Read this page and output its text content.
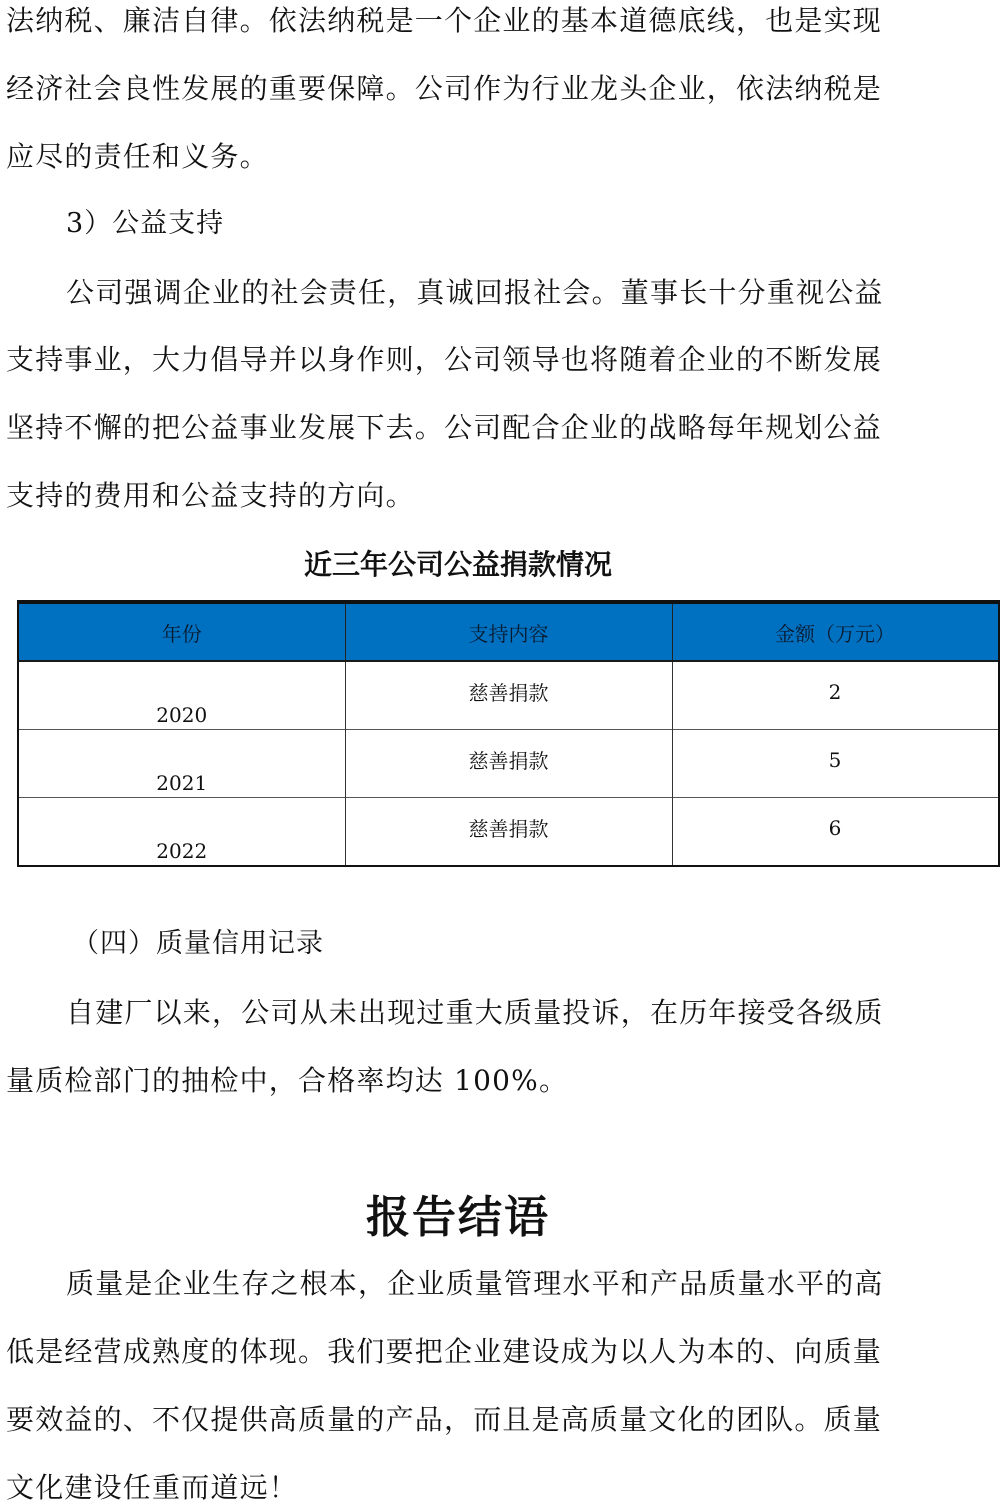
法纳税、廉洁自律。依法纳税是一个企业的基本道德底线，也是实现
经济社会良性发展的重要保障。公司作为行业龙头企业，依法纳税是
应尽的责任和义务。
3）公益支持
公司强调企业的社会责任，真诚回报社会。董事长十分重视公益
支持事业，大力倡导并以身作则，公司领导也将随着企业的不断发展
坚持不懈的把公益事业发展下去。公司配合企业的战略每年规划公益
支持的费用和公益支持的方向。
近三年公司公益捐款情况
年份	支持内容	金额（万元）
2020	慈善捐款	2
2021	慈善捐款	5
2022	慈善捐款	6
（四）质量信用记录
自建厂以来，公司从未出现过重大质量投诉，在历年接受各级质
量质检部门的抽检中，合格率均达 100%。
报告结语
质量是企业生存之根本，企业质量管理水平和产品质量水平的高
低是经营成熟度的体现。我们要把企业建设成为以人为本的、向质量
要效益的、不仅提供高质量的产品，而且是高质量文化的团队。质量
文化建设任重而道远！
